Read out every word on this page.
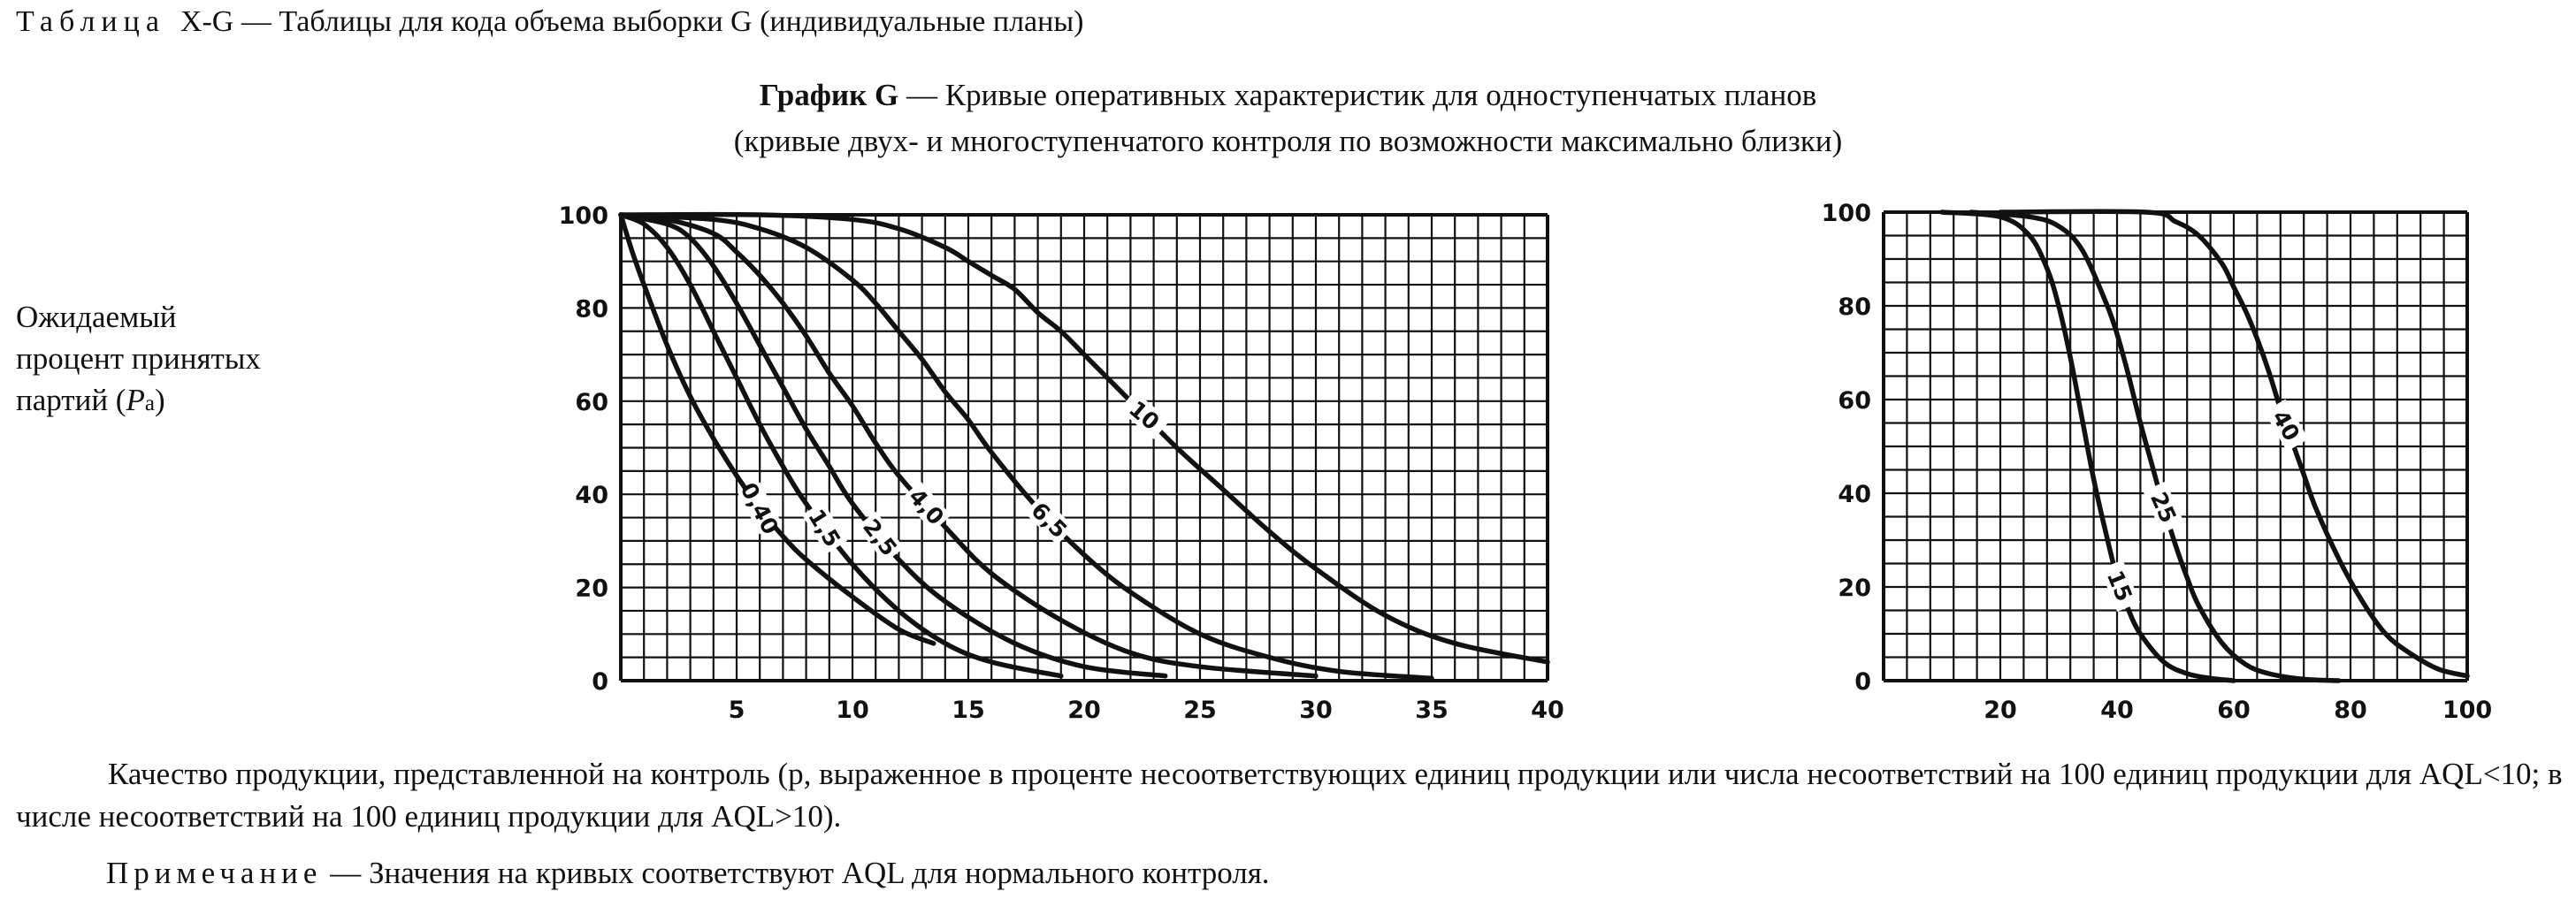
Таблица X-G — Таблицы для кода объема выборки G (индивидуальные планы)
График G — Кривые оперативных характеристик для одноступенчатых планов
(кривые двух- и многоступенчатого контроля по возможности максимально близки)
Ожидаемый
процент принятых
партий (Pa)
0
20
40
60
80
100
5	10	15	20	25	30	35	40
0,40 1,5 2,5
4,0	6,5
10
0
20
40
60
80
100
20	40	60	80	100
15
25
40
Качество продукции, представленной на контроль (p, выраженное в проценте несоответствующих единиц продукции или числа несоответствий на 100 единиц продукции для AQL<10; в числе несоответствий на 100 единиц продукции для AQL>10).
Примечание — Значения на кривых соответствуют AQL для нормального контроля.
